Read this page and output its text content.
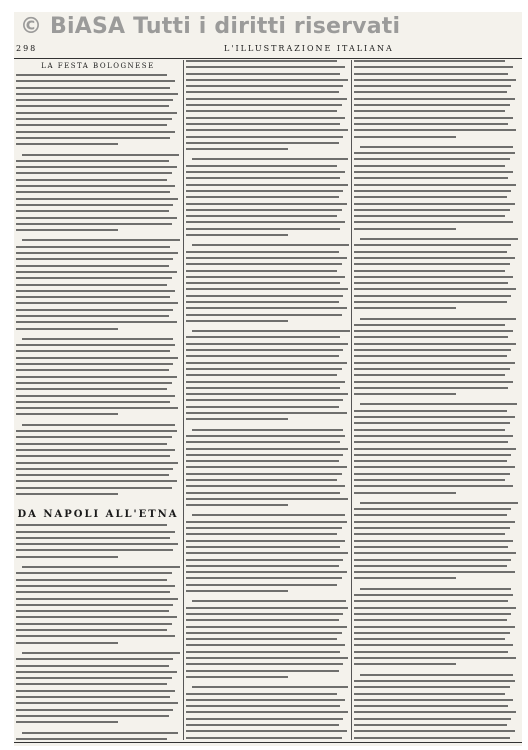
© BiASA Tutti i diritti riservati
298	L'ILLUSTRAZIONE ITALIANA
LA FESTA BOLOGNESE
DA NAPOLI ALL'ETNA
